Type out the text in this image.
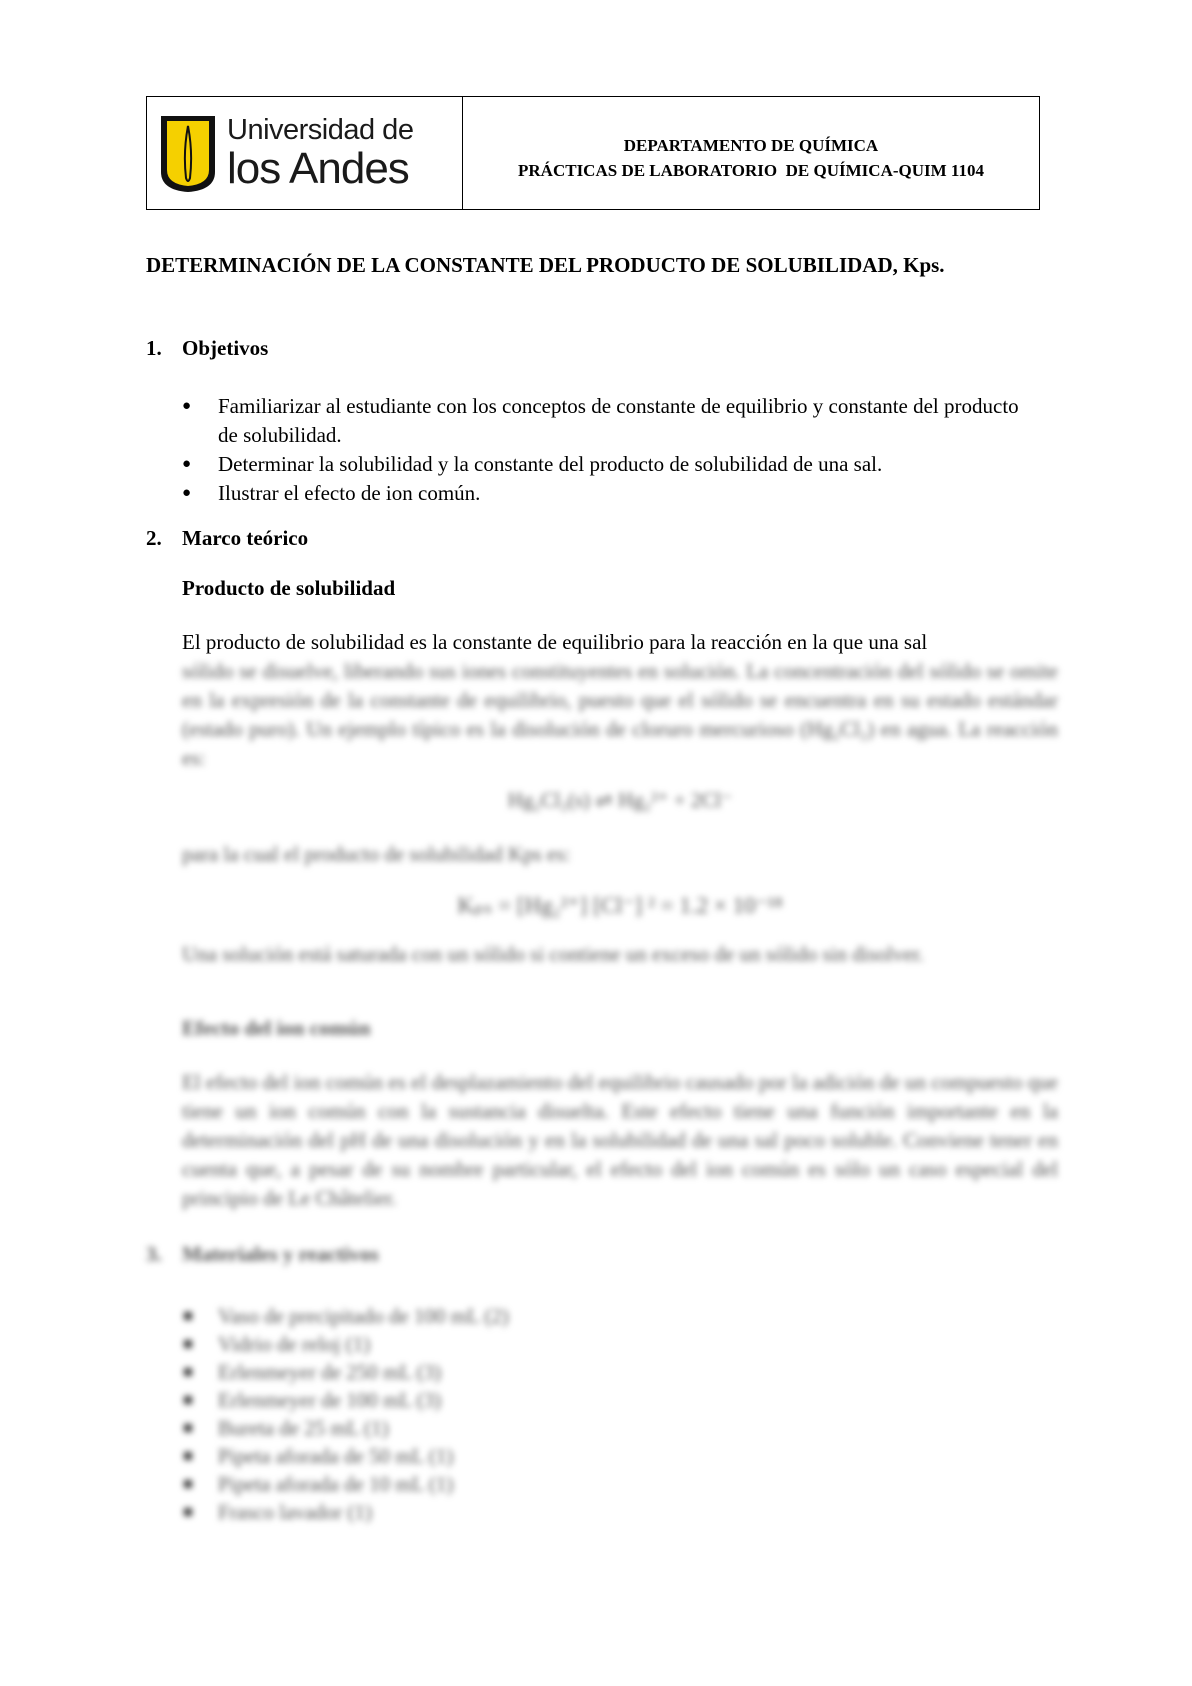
Universidad de
los Andes	DEPARTAMENTO DE QUÍMICA
PRÁCTICAS DE LABORATORIO  DE QUÍMICA-QUIM 1104
DETERMINACIÓN DE LA CONSTANTE DEL PRODUCTO DE SOLUBILIDAD, Kps.
1. Objetivos
● Familiarizar al estudiante con los conceptos de constante de equilibrio y constante del producto de solubilidad.
● Determinar la solubilidad y la constante del producto de solubilidad de una sal.
● Ilustrar el efecto de ion común.
2. Marco teórico
Producto de solubilidad
El producto de solubilidad es la constante de equilibrio para la reacción en la que una sal
sólido se disuelve, liberando sus iones constituyentes en solución. La concentración del sólido se omite en la expresión de la constante de equilibrio, puesto que el sólido se encuentra en su estado estándar (estado puro). Un ejemplo típico es la disolución de cloruro mercurioso (Hg₂Cl₂) en agua. La reacción es:
Hg₂Cl₂(s) ⇌ Hg₂²⁺ + 2Cl⁻
para la cual el producto de solubilidad Kps es:
Kₚₛ = [Hg₂²⁺] [Cl⁻] ² = 1.2 × 10⁻¹⁸
Una solución está saturada con un sólido si contiene un exceso de un sólido sin disolver.
Efecto del ion común
El efecto del ion común es el desplazamiento del equilibrio causado por la adición de un compuesto que tiene un ion común con la sustancia disuelta. Este efecto tiene una función importante en la determinación del pH de una disolución y en la solubilidad de una sal poco soluble. Conviene tener en cuenta que, a pesar de su nombre particular, el efecto del ion común es sólo un caso especial del principio de Le Châtelier.
3. Materiales y reactivos
Vaso de precipitado de 100 mL (2)
Vidrio de reloj (1)
Erlenmeyer de 250 mL (3)
Erlenmeyer de 100 mL (3)
Bureta de 25 mL (1)
Pipeta aforada de 50 mL (1)
Pipeta aforada de 10 mL (1)
Frasco lavador (1)
